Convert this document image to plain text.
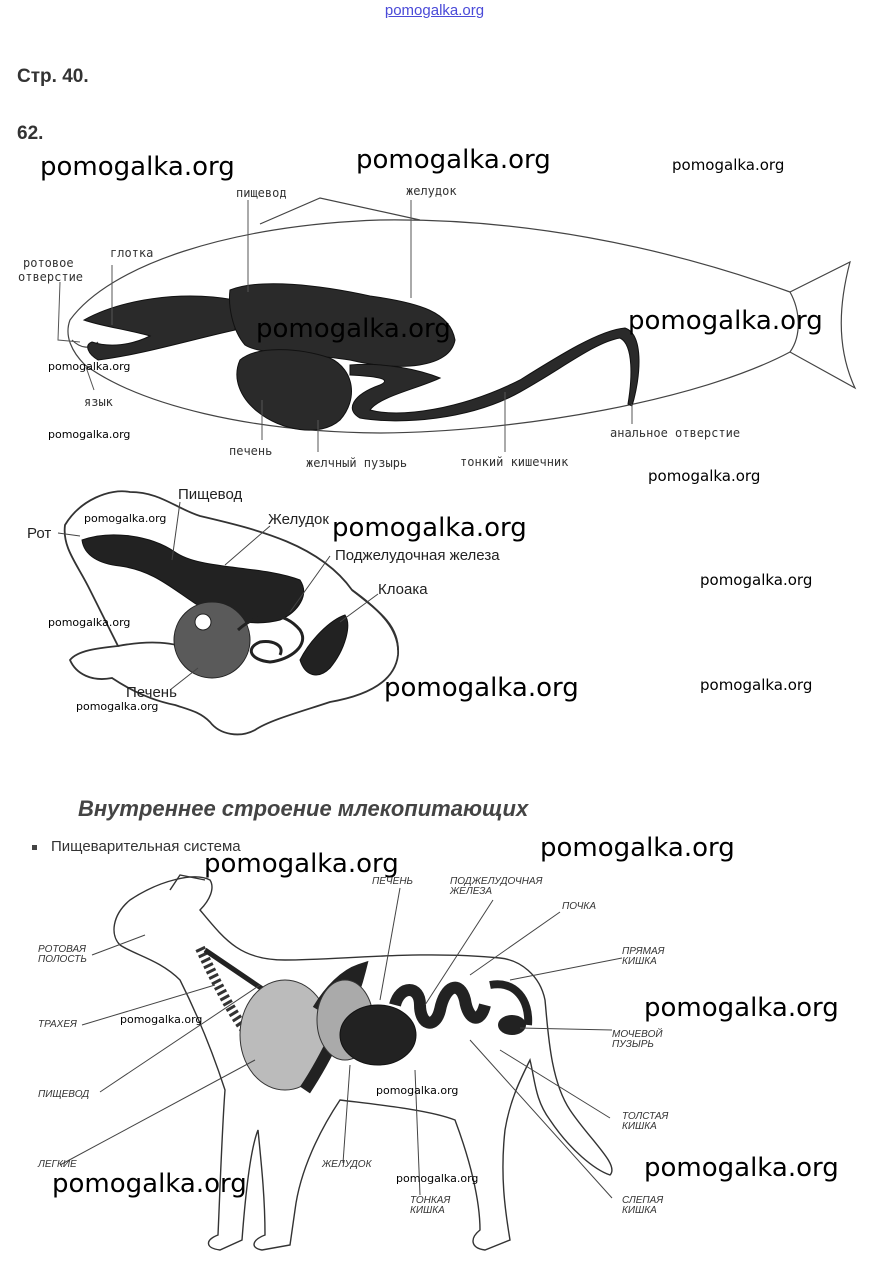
pomogalka.org
Стр. 40.
62.
ротовое
отверстие
глотка
пищевод	желудок
язык
печень
желчный пузырь	тонкий кишечник
анальное отверстие
Рот
Пищевод
Желудок
Поджелудочная железа
Клоака
Печень
Внутреннее строение млекопитающих
Пищеварительная система
ПЕЧЕНЬ	ПОДЖЕЛУДОЧНАЯ
ЖЕЛЕЗА
ПОЧКА
РОТОВАЯ
ПОЛОСТЬ
ПРЯМАЯ
КИШКА
ТРАХЕЯ
МОЧЕВОЙ
ПУЗЫРЬ
ПИЩЕВОД
ТОЛСТАЯ
КИШКА
ЛЕГКИЕ	ЖЕЛУДОК
ТОНКАЯ
КИШКА
СЛЕПАЯ
КИШКА
pomogalka.org	pomogalka.org	pomogalka.org
pomogalka.org	pomogalka.org
pomogalka.org
pomogalka.org
pomogalka.org
pomogalka.org	pomogalka.org
pomogalka.org
pomogalka.org
pomogalka.org	pomogalka.org
pomogalka.org
pomogalka.org
pomogalka.org
pomogalka.org
pomogalka.org
pomogalka.org
pomogalka.org
pomogalka.org
pomogalka.org
